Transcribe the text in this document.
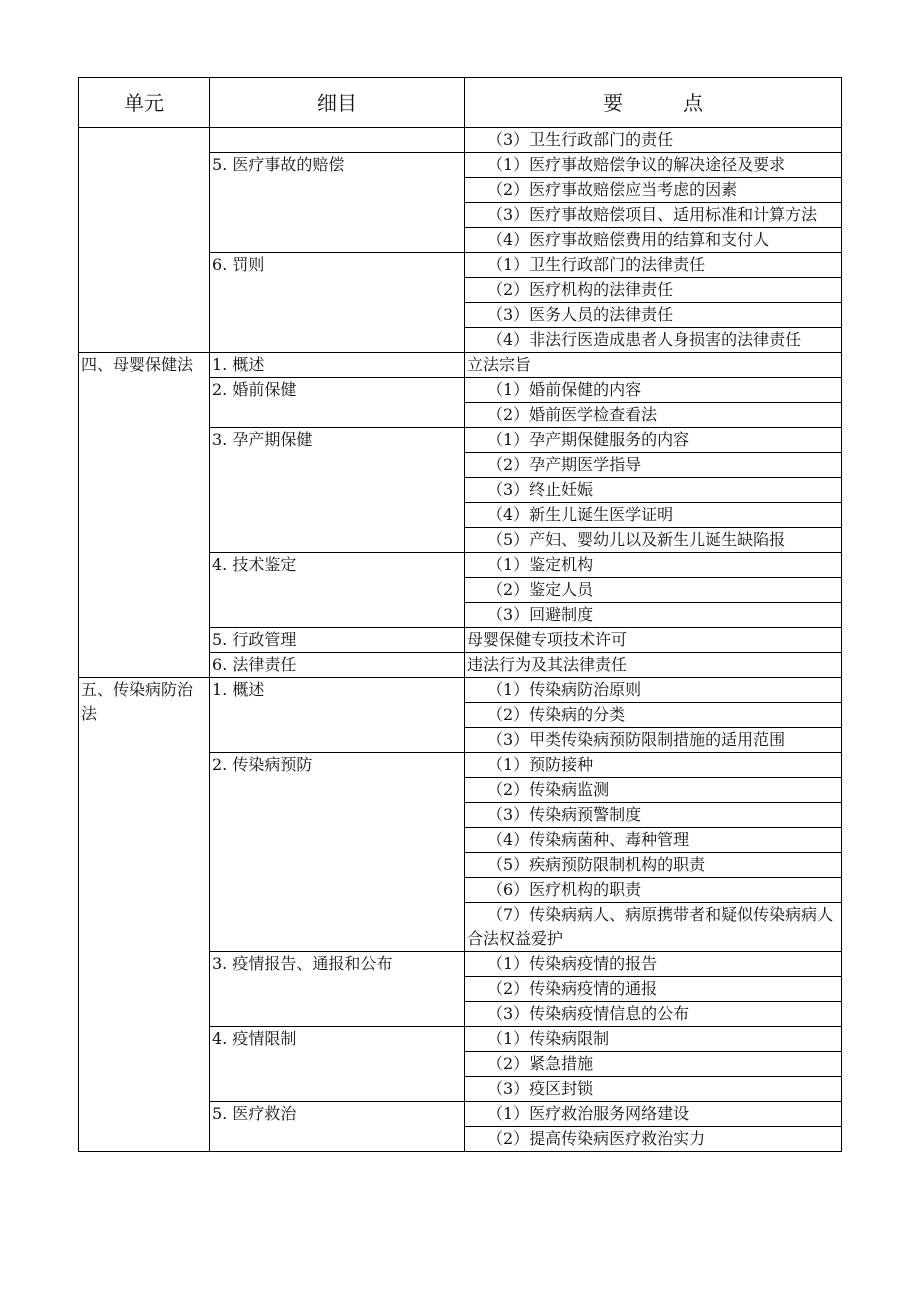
单元	细目	要　　　点
		（3）卫生行政部门的责任
	5. 医疗事故的赔偿	（1）医疗事故赔偿争议的解决途径及要求
		（2）医疗事故赔偿应当考虑的因素
		（3）医疗事故赔偿项目、适用标准和计算方法
		（4）医疗事故赔偿费用的结算和支付人
	6. 罚则	（1）卫生行政部门的法律责任
		（2）医疗机构的法律责任
		（3）医务人员的法律责任
		（4）非法行医造成患者人身损害的法律责任
四、母婴保健法	1. 概述	立法宗旨
	2. 婚前保健	（1）婚前保健的内容
		（2）婚前医学检查看法
	3. 孕产期保健	（1）孕产期保健服务的内容
		（2）孕产期医学指导
		（3）终止妊娠
		（4）新生儿诞生医学证明
		（5）产妇、婴幼儿以及新生儿诞生缺陷报
	4. 技术鉴定	（1）鉴定机构
		（2）鉴定人员
		（3）回避制度
	5. 行政管理	母婴保健专项技术许可
	6. 法律责任	违法行为及其法律责任
五、传染病防治法	1. 概述	（1）传染病防治原则
		（2）传染病的分类
		（3）甲类传染病预防限制措施的适用范围
	2. 传染病预防	（1）预防接种
		（2）传染病监测
		（3）传染病预警制度
		（4）传染病菌种、毒种管理
		（5）疾病预防限制机构的职责
		（6）医疗机构的职责
		（7）传染病病人、病原携带者和疑似传染病病人合法权益爱护
	3. 疫情报告、通报和公布	（1）传染病疫情的报告
		（2）传染病疫情的通报
		（3）传染病疫情信息的公布
	4. 疫情限制	（1）传染病限制
		（2）紧急措施
		（3）疫区封锁
	5. 医疗救治	（1）医疗救治服务网络建设
		（2）提高传染病医疗救治实力
